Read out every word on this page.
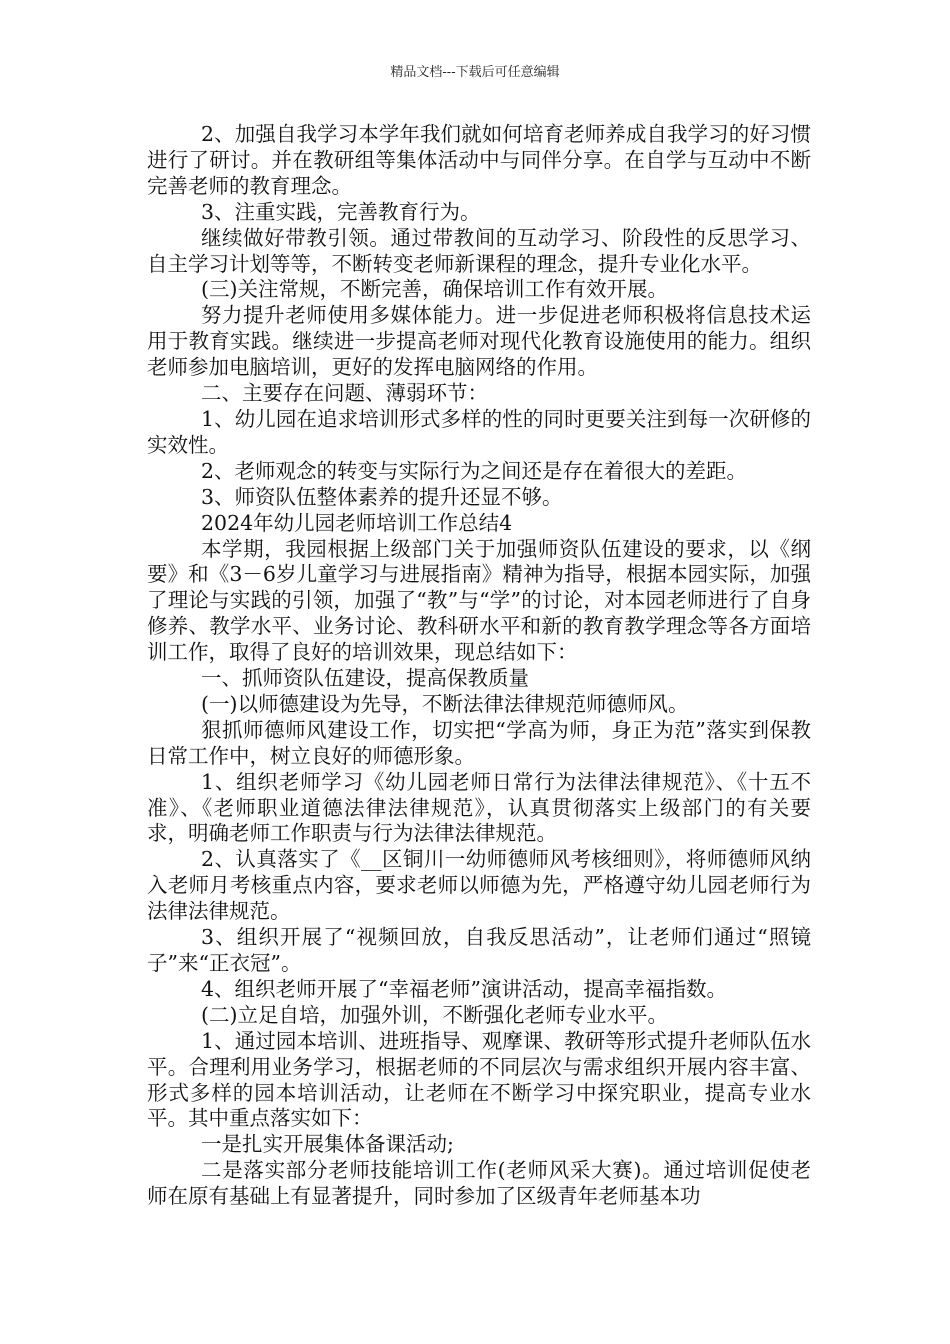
精品文档---下载后可任意编辑

2、加强自我学习本学年我们就如何培育老师养成自我学习的好习惯进行了研讨。并在教研组等集体活动中与同伴分享。在自学与互动中不断完善老师的教育理念。

3、注重实践，完善教育行为。

继续做好带教引领。通过带教间的互动学习、阶段性的反思学习、自主学习计划等等，不断转变老师新课程的理念，提升专业化水平。

(三)关注常规，不断完善，确保培训工作有效开展。

努力提升老师使用多媒体能力。进一步促进老师积极将信息技术运用于教育实践。继续进一步提高老师对现代化教育设施使用的能力。组织老师参加电脑培训，更好的发挥电脑网络的作用。

二、主要存在问题、薄弱环节：

1、幼儿园在追求培训形式多样的性的同时更要关注到每一次研修的实效性。

2、老师观念的转变与实际行为之间还是存在着很大的差距。

3、师资队伍整体素养的提升还显不够。

2024年幼儿园老师培训工作总结4

本学期，我园根据上级部门关于加强师资队伍建设的要求，以《纲要》和《3－6岁儿童学习与进展指南》精神为指导，根据本园实际，加强了理论与实践的引领，加强了“教”与“学”的讨论，对本园老师进行了自身修养、教学水平、业务讨论、教科研水平和新的教育教学理念等各方面培训工作，取得了良好的培训效果，现总结如下：

一、抓师资队伍建设，提高保教质量

(一)以师德建设为先导，不断法律法律规范师德师风。

狠抓师德师风建设工作，切实把“学高为师，身正为范”落实到保教日常工作中，树立良好的师德形象。

1、组织老师学习《幼儿园老师日常行为法律法律规范》、《十五不准》、《老师职业道德法律法律规范》，认真贯彻落实上级部门的有关要求，明确老师工作职责与行为法律法律规范。

2、认真落实了《__区铜川一幼师德师风考核细则》，将师德师风纳入老师月考核重点内容，要求老师以师德为先，严格遵守幼儿园老师行为法律法律规范。

3、组织开展了“视频回放，自我反思活动”，让老师们通过“照镜子”来“正衣冠”。

4、组织老师开展了“幸福老师”演讲活动，提高幸福指数。

(二)立足自培，加强外训，不断强化老师专业水平。

1、通过园本培训、进班指导、观摩课、教研等形式提升老师队伍水平。合理利用业务学习，根据老师的不同层次与需求组织开展内容丰富、形式多样的园本培训活动，让老师在不断学习中探究职业，提高专业水平。其中重点落实如下：

一是扎实开展集体备课活动;

二是落实部分老师技能培训工作(老师风采大赛)。通过培训促使老师在原有基础上有显著提升，同时参加了区级青年老师基本功
